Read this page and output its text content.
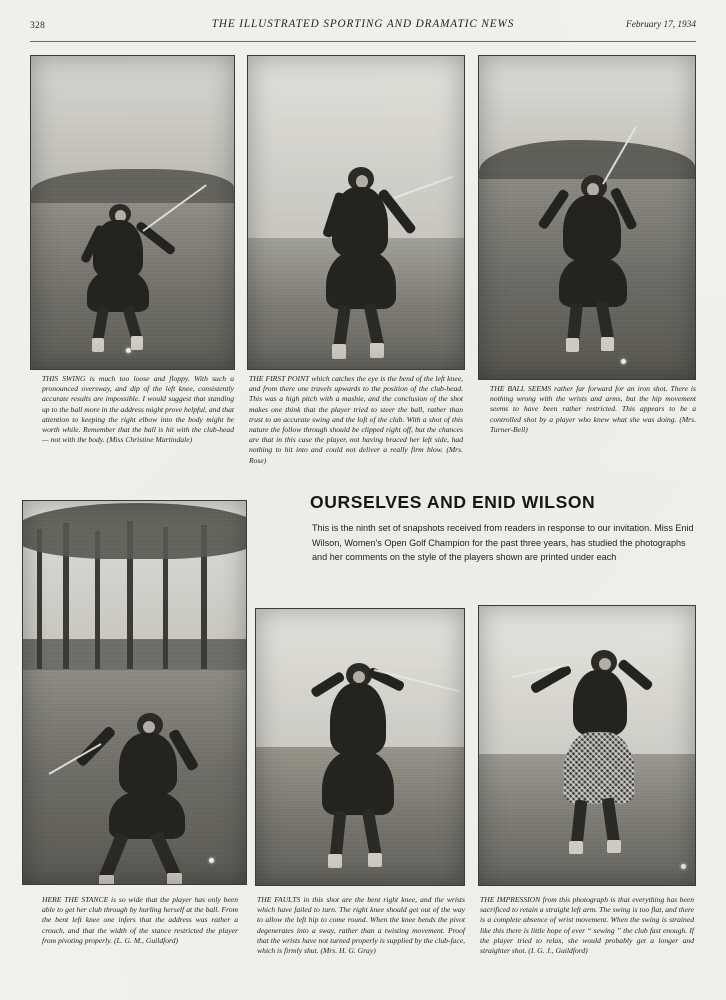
328	THE ILLUSTRATED SPORTING AND DRAMATIC NEWS	February 17, 1934
THIS SWING is much too loose and floppy. With such a pronounced oversway, and dip of the left knee, consistently accurate results are impossible. I would suggest that standing up to the ball more in the address might prove helpful, and that attention to keeping the right elbow into the body might be worth while. Remember that the ball is hit with the club-head — not with the body. (Miss Christine Martindale)
THE FIRST POINT which catches the eye is the bend of the left knee, and from there one travels upwards to the position of the club-head. This was a high pitch with a mashie, and the conclusion of the shot makes one think that the player tried to steer the ball, rather than trust to an accurate swing and the loft of the club. With a shot of this nature the follow through should be clipped right off, but the chances are that in this case the player, not having braced her left side, had nothing to hit into and could not deliver a really firm blow. (Mrs. Rose)
THE BALL SEEMS rather far forward for an iron shot. There is nothing wrong with the wrists and arms, but the hip movement seems to have been rather restricted. This appears to be a controlled shot by a player who knew what she was doing. (Mrs. Turner-Bell)
OURSELVES AND ENID WILSON
This is the ninth set of snapshots received from readers in response to our invitation. Miss Enid Wilson, Women's Open Golf Champion for the past three years, has studied the photographs and her comments on the style of the players shown are printed under each
HERE THE STANCE is so wide that the player has only been able to get her club through by hurling herself at the ball. From the bent left knee one infers that the address was rather a crouch, and that the width of the stance restricted the player from pivoting properly. (L. G. M., Guildford)
THE FAULTS in this shot are the bent right knee, and the wrists which have failed to turn. The right knee should get out of the way to allow the left hip to come round. When the knee bends the pivot degenerates into a sway, rather than a twisting movement. Proof that the wrists have not turned properly is supplied by the club-face, which is firmly shut. (Mrs. H. G. Gray)
THE IMPRESSION from this photograph is that everything has been sacrificed to retain a straight left arm. The swing is too flat, and there is a complete absence of wrist movement. When the swing is strained like this there is little hope of ever “ sewing ” the club fast enough. If the player tried to relax, she would probably get a longer and straighter shot. (I. G. J., Guildford)
